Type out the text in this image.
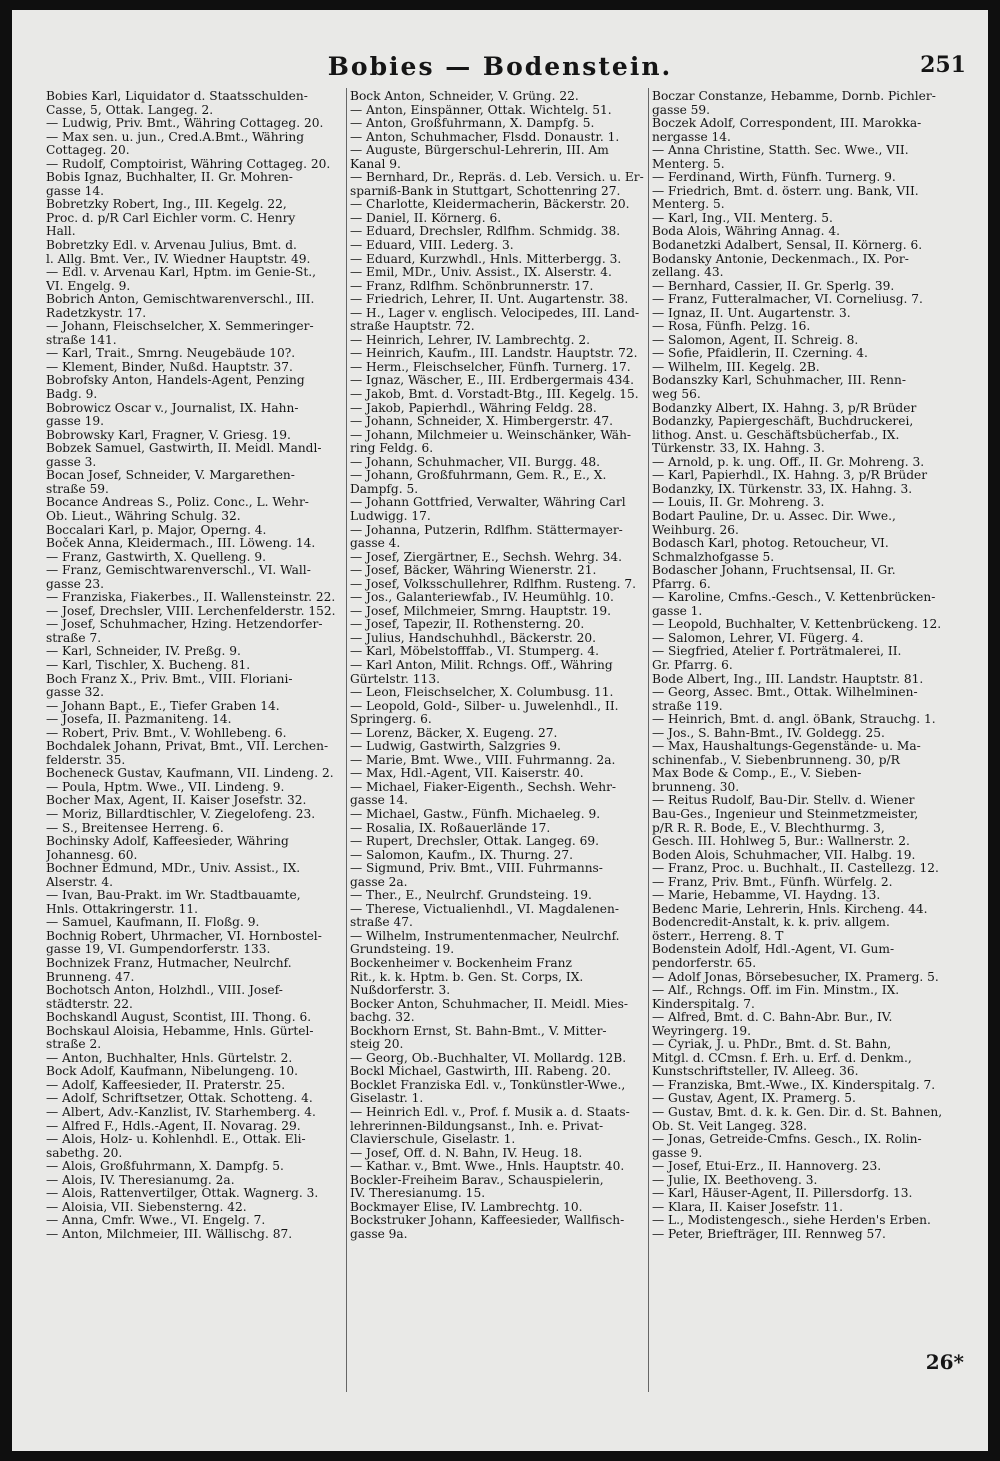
Bobies — Bodenstein.	251

Bobies Karl, Liquidator d. Staatsschulden-

Casse, 5, Ottak. Langeg. 2.

— Ludwig, Priv. Bmt., Währing Cottageg. 20.

— Max sen. u. jun., Cred.A.Bmt., Währing

Cottageg. 20.

— Rudolf, Comptoirist, Währing Cottageg. 20.

Bobis Ignaz, Buchhalter, II. Gr. Mohren-

gasse 14.

Bobretzky Robert, Ing., III. Kegelg. 22,

Proc. d. p/R Carl Eichler vorm. C. Henry

Hall.

Bobretzky Edl. v. Arvenau Julius, Bmt. d.

l. Allg. Bmt. Ver., IV. Wiedner Hauptstr. 49.

— Edl. v. Arvenau Karl, Hptm. im Genie-St.,

VI. Engelg. 9.

Bobrich Anton, Gemischtwarenverschl., III.

Radetzkystr. 17.

— Johann, Fleischselcher, X. Semmeringer-

straße 141.

— Karl, Trait., Smrng. Neugebäude 10?.

— Klement, Binder, Nußd. Hauptstr. 37.

Bobrofsky Anton, Handels-Agent, Penzing

Badg. 9.

Bobrowicz Oscar v., Journalist, IX. Hahn-

gasse 19.

Bobrowsky Karl, Fragner, V. Griesg. 19.

Bobzek Samuel, Gastwirth, II. Meidl. Mandl-

gasse 3.

Bocan Josef, Schneider, V. Margarethen-

straße 59.

Bocance Andreas S., Poliz. Conc., L. Wehr-

Ob. Lieut., Währing Schulg. 32.

Boccalari Karl, p. Major, Operng. 4.

Boček Anna, Kleidermach., III. Löweng. 14.

— Franz, Gastwirth, X. Quelleng. 9.

— Franz, Gemischtwarenverschl., VI. Wall-

gasse 23.

— Franziska, Fiakerbes., II. Wallensteinstr. 22.

— Josef, Drechsler, VIII. Lerchenfelderstr. 152.

— Josef, Schuhmacher, Hzing. Hetzendorfer-

straße 7.

— Karl, Schneider, IV. Preßg. 9.

— Karl, Tischler, X. Bucheng. 81.

Boch Franz X., Priv. Bmt., VIII. Floriani-

gasse 32.

— Johann Bapt., E., Tiefer Graben 14.

— Josefa, II. Pazmaniteng. 14.

— Robert, Priv. Bmt., V. Wohllebeng. 6.

Bochdalek Johann, Privat, Bmt., VII. Lerchen-

felderstr. 35.

Bocheneck Gustav, Kaufmann, VII. Lindeng. 2.

— Poula, Hptm. Wwe., VII. Lindeng. 9.

Bocher Max, Agent, II. Kaiser Josefstr. 32.

— Moriz, Billardtischler, V. Ziegelofeng. 23.

— S., Breitensee Herreng. 6.

Bochinsky Adolf, Kaffeesieder, Währing

Johannesg. 60.

Bochner Edmund, MDr., Univ. Assist., IX.

Alserstr. 4.

— Ivan, Bau-Prakt. im Wr. Stadtbauamte,

Hnls. Ottakringerstr. 11.

— Samuel, Kaufmann, II. Floßg. 9.

Bochnig Robert, Uhrmacher, VI. Hornbostel-

gasse 19, VI. Gumpendorferstr. 133.

Bochnizek Franz, Hutmacher, Neulrchf.

Brunneng. 47.

Bochotsch Anton, Holzhdl., VIII. Josef-

städterstr. 22.

Bochskandl August, Scontist, III. Thong. 6.

Bochskaul Aloisia, Hebamme, Hnls. Gürtel-

straße 2.

— Anton, Buchhalter, Hnls. Gürtelstr. 2.

Bock Adolf, Kaufmann, Nibelungeng. 10.

— Adolf, Kaffeesieder, II. Praterstr. 25.

— Adolf, Schriftsetzer, Ottak. Schotteng. 4.

— Albert, Adv.-Kanzlist, IV. Starhemberg. 4.

— Alfred F., Hdls.-Agent, II. Novarag. 29.

— Alois, Holz- u. Kohlenhdl. E., Ottak. Eli-

sabethg. 20.

— Alois, Großfuhrmann, X. Dampfg. 5.

— Alois, IV. Theresianumg. 2a.

— Alois, Rattenvertilger, Ottak. Wagnerg. 3.

— Aloisia, VII. Siebensterng. 42.

— Anna, Cmfr. Wwe., VI. Engelg. 7.

— Anton, Milchmeier, III. Wällischg. 87.

Bock Anton, Schneider, V. Grüng. 22.

— Anton, Einspänner, Ottak. Wichtelg. 51.

— Anton, Großfuhrmann, X. Dampfg. 5.

— Anton, Schuhmacher, Flsdd. Donaustr. 1.

— Auguste, Bürgerschul-Lehrerin, III. Am

Kanal 9.

— Bernhard, Dr., Repräs. d. Leb. Versich. u. Er-

sparniß-Bank in Stuttgart, Schottenring 27.

— Charlotte, Kleidermacherin, Bäckerstr. 20.

— Daniel, II. Körnerg. 6.

— Eduard, Drechsler, Rdlfhm. Schmidg. 38.

— Eduard, VIII. Lederg. 3.

— Eduard, Kurzwhdl., Hnls. Mitterbergg. 3.

— Emil, MDr., Univ. Assist., IX. Alserstr. 4.

— Franz, Rdlfhm. Schönbrunnerstr. 17.

— Friedrich, Lehrer, II. Unt. Augartenstr. 38.

— H., Lager v. englisch. Velocipedes, III. Land-

straße Hauptstr. 72.

— Heinrich, Lehrer, IV. Lambrechtg. 2.

— Heinrich, Kaufm., III. Landstr. Hauptstr. 72.

— Herm., Fleischselcher, Fünfh. Turnerg. 17.

— Ignaz, Wäscher, E., III. Erdbergermais 434.

— Jakob, Bmt. d. Vorstadt-Btg., III. Kegelg. 15.

— Jakob, Papierhdl., Währing Feldg. 28.

— Johann, Schneider, X. Himbergerstr. 47.

— Johann, Milchmeier u. Weinschänker, Wäh-

ring Feldg. 6.

— Johann, Schuhmacher, VII. Burgg. 48.

— Johann, Großfuhrmann, Gem. R., E., X.

Dampfg. 5.

— Johann Gottfried, Verwalter, Währing Carl

Ludwigg. 17.

— Johanna, Putzerin, Rdlfhm. Stättermayer-

gasse 4.

— Josef, Ziergärtner, E., Sechsh. Wehrg. 34.

— Josef, Bäcker, Währing Wienerstr. 21.

— Josef, Volksschullehrer, Rdlfhm. Rusteng. 7.

— Jos., Galanteriewfab., IV. Heumühlg. 10.

— Josef, Milchmeier, Smrng. Hauptstr. 19.

— Josef, Tapezir, II. Rothensterng. 20.

— Julius, Handschuhhdl., Bäckerstr. 20.

— Karl, Möbelstofffab., VI. Stumperg. 4.

— Karl Anton, Milit. Rchngs. Off., Währing

Gürtelstr. 113.

— Leon, Fleischselcher, X. Columbusg. 11.

— Leopold, Gold-, Silber- u. Juwelenhdl., II.

Springerg. 6.

— Lorenz, Bäcker, X. Eugeng. 27.

— Ludwig, Gastwirth, Salzgries 9.

— Marie, Bmt. Wwe., VIII. Fuhrmanng. 2a.

— Max, Hdl.-Agent, VII. Kaiserstr. 40.

— Michael, Fiaker-Eigenth., Sechsh. Wehr-

gasse 14.

— Michael, Gastw., Fünfh. Michaeleg. 9.

— Rosalia, IX. Roßauerlände 17.

— Rupert, Drechsler, Ottak. Langeg. 69.

— Salomon, Kaufm., IX. Thurng. 27.

— Sigmund, Priv. Bmt., VIII. Fuhrmanns-

gasse 2a.

— Ther., E., Neulrchf. Grundsteing. 19.

— Therese, Victualienhdl., VI. Magdalenen-

straße 47.

— Wilhelm, Instrumentenmacher, Neulrchf.

Grundsteing. 19.

Bockenheimer v. Bockenheim Franz

Rit., k. k. Hptm. b. Gen. St. Corps, IX.

Nußdorferstr. 3.

Bocker Anton, Schuhmacher, II. Meidl. Mies-

bachg. 32.

Bockhorn Ernst, St. Bahn-Bmt., V. Mitter-

steig 20.

— Georg, Ob.-Buchhalter, VI. Mollardg. 12B.

Bockl Michael, Gastwirth, III. Rabeng. 20.

Bocklet Franziska Edl. v., Tonkünstler-Wwe.,

Giselastr. 1.

— Heinrich Edl. v., Prof. f. Musik a. d. Staats-

lehrerinnen-Bildungsanst., Inh. e. Privat-

Clavierschule, Giselastr. 1.

— Josef, Off. d. N. Bahn, IV. Heug. 18.

— Kathar. v., Bmt. Wwe., Hnls. Hauptstr. 40.

Bockler-Freiheim Barav., Schauspielerin,

IV. Theresianumg. 15.

Bockmayer Elise, IV. Lambrechtg. 10.

Bockstruker Johann, Kaffeesieder, Wallfisch-

gasse 9a.

Boczar Constanze, Hebamme, Dornb. Pichler-

gasse 59.

Boczek Adolf, Correspondent, III. Marokka-

nergasse 14.

— Anna Christine, Statth. Sec. Wwe., VII.

Menterg. 5.

— Ferdinand, Wirth, Fünfh. Turnerg. 9.

— Friedrich, Bmt. d. österr. ung. Bank, VII.

Menterg. 5.

— Karl, Ing., VII. Menterg. 5.

Boda Alois, Währing Annag. 4.

Bodanetzki Adalbert, Sensal, II. Körnerg. 6.

Bodansky Antonie, Deckenmach., IX. Por-

zellang. 43.

— Bernhard, Cassier, II. Gr. Sperlg. 39.

— Franz, Futteralmacher, VI. Corneliusg. 7.

— Ignaz, II. Unt. Augartenstr. 3.

— Rosa, Fünfh. Pelzg. 16.

— Salomon, Agent, II. Schreig. 8.

— Sofie, Pfaidlerin, II. Czerning. 4.

— Wilhelm, III. Kegelg. 2B.

Bodanszky Karl, Schuhmacher, III. Renn-

weg 56.

Bodanzky Albert, IX. Hahng. 3, p/R Brüder

Bodanzky, Papiergeschäft, Buchdruckerei,

lithog. Anst. u. Geschäftsbücherfab., IX.

Türkenstr. 33, IX. Hahng. 3.

— Arnold, p. k. ung. Off., II. Gr. Mohreng. 3.

— Karl, Papierhdl., IX. Hahng. 3, p/R Brüder

Bodanzky, IX. Türkenstr. 33, IX. Hahng. 3.

— Louis, II. Gr. Mohreng. 3.

Bodart Pauline, Dr. u. Assec. Dir. Wwe.,

Weihburg. 26.

Bodasch Karl, photog. Retoucheur, VI.

Schmalzhofgasse 5.

Bodascher Johann, Fruchtsensal, II. Gr.

Pfarrg. 6.

— Karoline, Cmfns.-Gesch., V. Kettenbrücken-

gasse 1.

— Leopold, Buchhalter, V. Kettenbrückeng. 12.

— Salomon, Lehrer, VI. Fügerg. 4.

— Siegfried, Atelier f. Porträtmalerei, II.

Gr. Pfarrg. 6.

Bode Albert, Ing., III. Landstr. Hauptstr. 81.

— Georg, Assec. Bmt., Ottak. Wilhelminen-

straße 119.

— Heinrich, Bmt. d. angl. öBank, Strauchg. 1.

— Jos., S. Bahn-Bmt., IV. Goldegg. 25.

— Max, Haushaltungs-Gegenstände- u. Ma-

schinenfab., V. Siebenbrunneng. 30, p/R

Max Bode & Comp., E., V. Sieben-

brunneng. 30.

— Reitus Rudolf, Bau-Dir. Stellv. d. Wiener

Bau-Ges., Ingenieur und Steinmetzmeister,

p/R R. R. Bode, E., V. Blechthurmg. 3,

Gesch. III. Hohlweg 5, Bur.: Wallnerstr. 2.

Boden Alois, Schuhmacher, VII. Halbg. 19.

— Franz, Proc. u. Buchhalt., II. Castellezg. 12.

— Franz, Priv. Bmt., Fünfh. Würfelg. 2.

— Marie, Hebamme, VI. Haydng. 13.

Bedenc Marie, Lehrerin, Hnls. Kircheng. 44.

Bodencredit-Anstalt, k. k. priv. allgem.

österr., Herreng. 8. T

Bodenstein Adolf, Hdl.-Agent, VI. Gum-

pendorferstr. 65.

— Adolf Jonas, Börsebesucher, IX. Pramerg. 5.

— Alf., Rchngs. Off. im Fin. Minstm., IX.

Kinderspitalg. 7.

— Alfred, Bmt. d. C. Bahn-Abr. Bur., IV.

Weyringerg. 19.

— Cyriak, J. u. PhDr., Bmt. d. St. Bahn,

Mitgl. d. CCmsn. f. Erh. u. Erf. d. Denkm.,

Kunstschriftsteller, IV. Alleeg. 36.

— Franziska, Bmt.-Wwe., IX. Kinderspitalg. 7.

— Gustav, Agent, IX. Pramerg. 5.

— Gustav, Bmt. d. k. k. Gen. Dir. d. St. Bahnen,

Ob. St. Veit Langeg. 328.

— Jonas, Getreide-Cmfns. Gesch., IX. Rolin-

gasse 9.

— Josef, Etui-Erz., II. Hannoverg. 23.

— Julie, IX. Beethoveng. 3.

— Karl, Häuser-Agent, II. Pillersdorfg. 13.

— Klara, II. Kaiser Josefstr. 11.

— L., Modistengesch., siehe Herden's Erben.

— Peter, Briefträger, III. Rennweg 57.

26*
